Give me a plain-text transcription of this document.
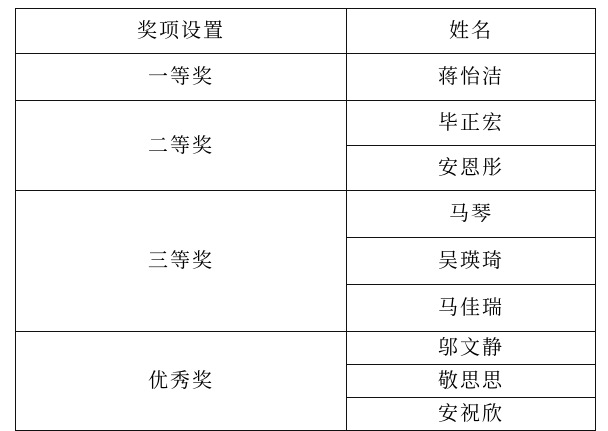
奖项设置	姓名

一等奖	蒋怡洁

二等奖	毕正宏

	安恩彤

三等奖	马琴

	吴瑛琦

	马佳瑞

优秀奖	邬文静

	敬思思

	安祝欣
